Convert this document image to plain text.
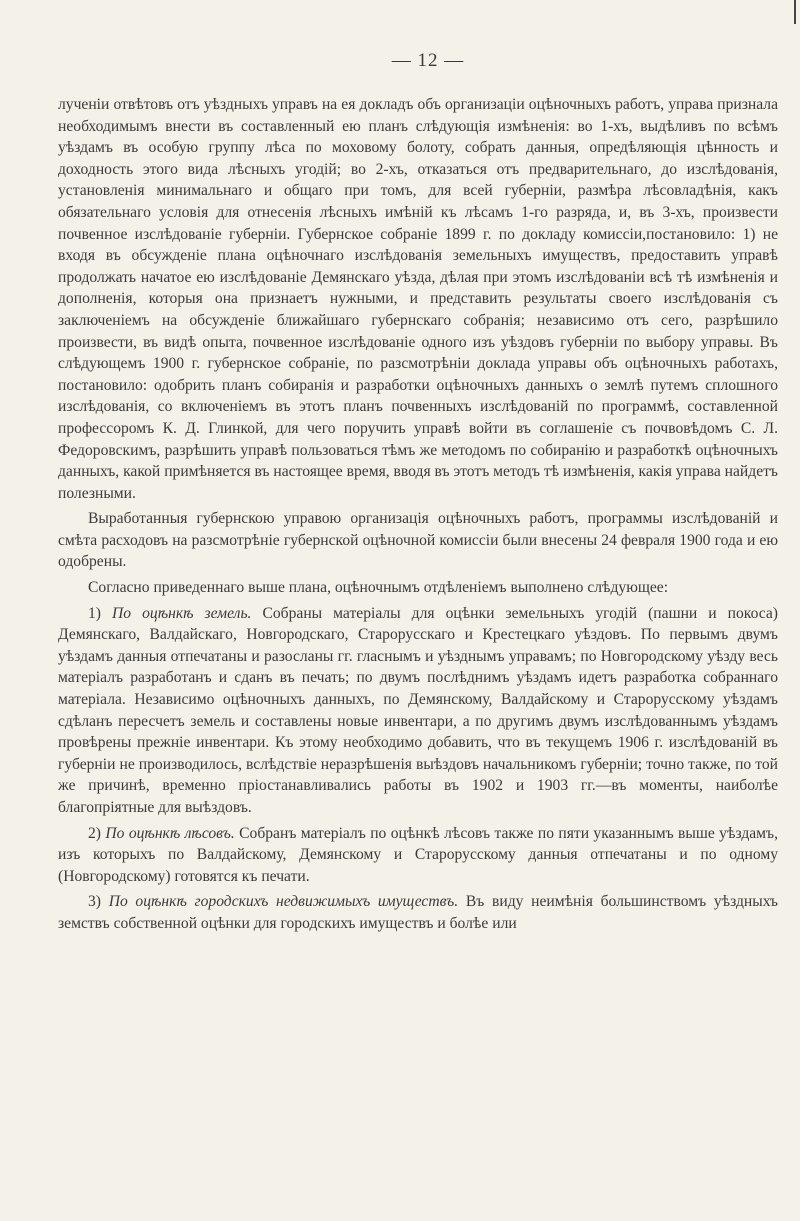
— 12 —

лученіи отвѣтовъ отъ уѣздныхъ управъ на ея докладъ объ организаціи оцѣночныхъ работъ, управа признала необходимымъ внести въ составленный ею планъ слѣдующія измѣненія: во 1-хъ, выдѣливъ по всѣмъ уѣздамъ въ особую группу лѣса по моховому болоту, собрать данныя, опредѣляющія цѣнность и доходность этого вида лѣсныхъ угодій; во 2-хъ, отказаться отъ предварительнаго, до изслѣдованія, установленія минимальнаго и общаго при томъ, для всей губерніи, размѣра лѣсовладѣнія, какъ обязательнаго условія для отнесенія лѣсныхъ имѣній къ лѣсамъ 1-го разряда, и, въ 3-хъ, произвести почвенное изслѣдованіе губерніи. Губернское собраніе 1899 г. по докладу комиссіи,постановило: 1) не входя въ обсужденіе плана оцѣночнаго изслѣдованія земельныхъ имуществъ, предоставить управѣ продолжать начатое ею изслѣдованіе Демянскаго уѣзда, дѣлая при этомъ изслѣдованіи всѣ тѣ измѣненія и дополненія, которыя она признаетъ нужными, и представить результаты своего изслѣдованія съ заключеніемъ на обсужденіе ближайшаго губернскаго собранія; независимо отъ сего, разрѣшило произвести, въ видѣ опыта, почвенное изслѣдованіе одного изъ уѣздовъ губерніи по выбору управы. Въ слѣдующемъ 1900 г. губернское собраніе, по разсмотрѣніи доклада управы объ оцѣночныхъ работахъ, постановило: одобрить планъ собиранія и разработки оцѣночныхъ данныхъ о землѣ путемъ сплошного изслѣдованія, со включеніемъ въ этотъ планъ почвенныхъ изслѣдованій по программѣ, составленной профессоромъ К. Д. Глинкой, для чего поручить управѣ войти въ соглашеніе съ почвовѣдомъ С. Л. Федоровскимъ, разрѣшить управѣ пользоваться тѣмъ же методомъ по собиранію и разработкѣ оцѣночныхъ данныхъ, какой примѣняется въ настоящее время, вводя въ этотъ методъ тѣ измѣненія, какія управа найдетъ полезными.

Выработанныя губернскою управою организація оцѣночныхъ работъ, программы изслѣдованій и смѣта расходовъ на разсмотрѣніе губернской оцѣночной комиссіи были внесены 24 февраля 1900 года и ею одобрены.

Согласно приведеннаго выше плана, оцѣночнымъ отдѣленіемъ выполнено слѣдующее:

1) По оцѣнкѣ земель. Собраны матеріалы для оцѣнки земельныхъ угодій (пашни и покоса) Демянскаго, Валдайскаго, Новгородскаго, Старорусскаго и Крестецкаго уѣздовъ. По первымъ двумъ уѣздамъ данныя отпечатаны и разосланы гг. гласнымъ и уѣзднымъ управамъ; по Новгородскому уѣзду весь матеріалъ разработанъ и сданъ въ печать; по двумъ послѣднимъ уѣздамъ идетъ разработка собраннаго матеріала. Независимо оцѣночныхъ данныхъ, по Демянскому, Валдайскому и Старорусскому уѣздамъ сдѣланъ пересчетъ земель и составлены новые инвентари, а по другимъ двумъ изслѣдованнымъ уѣздамъ провѣрены прежніе инвентари. Къ этому необходимо добавить, что въ текущемъ 1906 г. изслѣдованій въ губерніи не производилось, вслѣдствіе неразрѣшенія выѣздовъ начальникомъ губерніи; точно также, по той же причинѣ, временно пріостанавливались работы въ 1902 и 1903 гг.—въ моменты, наиболѣе благопріятные для выѣздовъ.

2) По оцѣнкѣ лѣсовъ. Собранъ матеріалъ по оцѣнкѣ лѣсовъ также по пяти указаннымъ выше уѣздамъ, изъ которыхъ по Валдайскому, Демянскому и Старорусскому данныя отпечатаны и по одному (Новгородскому) готовятся къ печати.

3) По оцѣнкѣ городскихъ недвижимыхъ имуществъ. Въ виду неимѣнія большинствомъ уѣздныхъ земствъ собственной оцѣнки для городскихъ имуществъ и болѣе или
